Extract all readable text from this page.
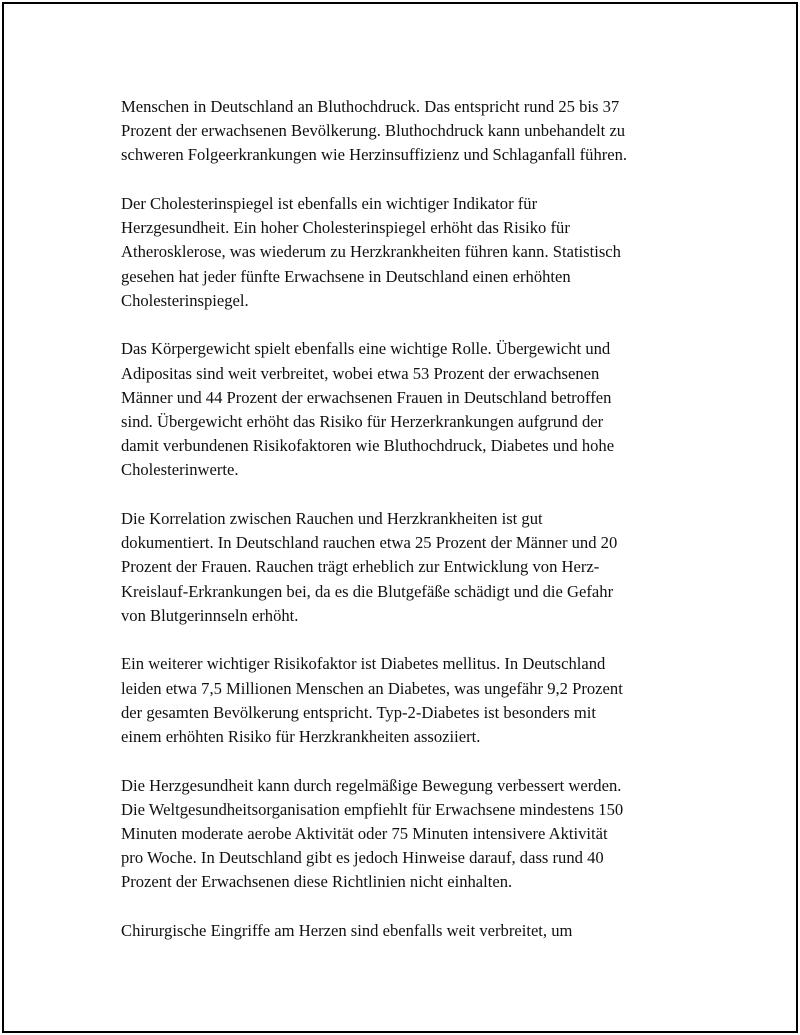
Menschen in Deutschland an Bluthochdruck. Das entspricht rund 25 bis 37
Prozent der erwachsenen Bevölkerung. Bluthochdruck kann unbehandelt zu
schweren Folgeerkrankungen wie Herzinsuffizienz und Schlaganfall führen.

Der Cholesterinspiegel ist ebenfalls ein wichtiger Indikator für
Herzgesundheit. Ein hoher Cholesterinspiegel erhöht das Risiko für
Atherosklerose, was wiederum zu Herzkrankheiten führen kann. Statistisch
gesehen hat jeder fünfte Erwachsene in Deutschland einen erhöhten
Cholesterinspiegel.

Das Körpergewicht spielt ebenfalls eine wichtige Rolle. Übergewicht und
Adipositas sind weit verbreitet, wobei etwa 53 Prozent der erwachsenen
Männer und 44 Prozent der erwachsenen Frauen in Deutschland betroffen
sind. Übergewicht erhöht das Risiko für Herzerkrankungen aufgrund der
damit verbundenen Risikofaktoren wie Bluthochdruck, Diabetes und hohe
Cholesterinwerte.

Die Korrelation zwischen Rauchen und Herzkrankheiten ist gut
dokumentiert. In Deutschland rauchen etwa 25 Prozent der Männer und 20
Prozent der Frauen. Rauchen trägt erheblich zur Entwicklung von Herz-
Kreislauf-Erkrankungen bei, da es die Blutgefäße schädigt und die Gefahr
von Blutgerinnseln erhöht.

Ein weiterer wichtiger Risikofaktor ist Diabetes mellitus. In Deutschland
leiden etwa 7,5 Millionen Menschen an Diabetes, was ungefähr 9,2 Prozent
der gesamten Bevölkerung entspricht. Typ-2-Diabetes ist besonders mit
einem erhöhten Risiko für Herzkrankheiten assoziiert.

Die Herzgesundheit kann durch regelmäßige Bewegung verbessert werden.
Die Weltgesundheitsorganisation empfiehlt für Erwachsene mindestens 150
Minuten moderate aerobe Aktivität oder 75 Minuten intensivere Aktivität
pro Woche. In Deutschland gibt es jedoch Hinweise darauf, dass rund 40
Prozent der Erwachsenen diese Richtlinien nicht einhalten.

Chirurgische Eingriffe am Herzen sind ebenfalls weit verbreitet, um
